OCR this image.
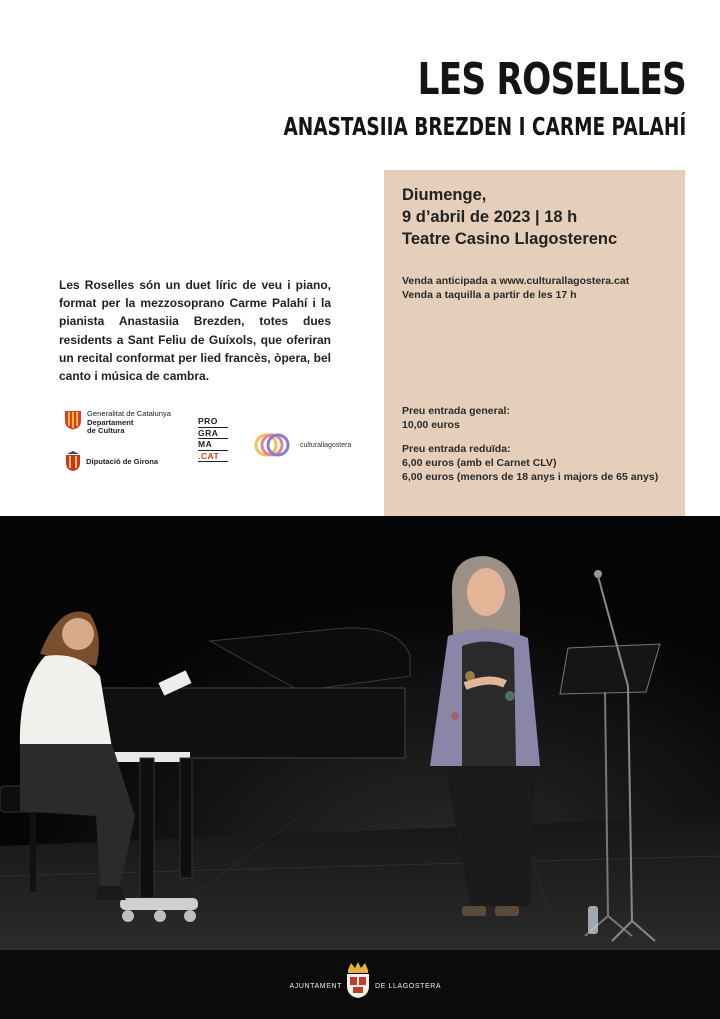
LES ROSELLES
ANASTASIIA BREZDEN I CARME PALAHÍ
Diumenge,
9 d’abril de 2023 | 18 h
Teatre Casino Llagosterenc
Venda anticipada a www.culturallagostera.cat
Venda a taquilla a partir de les 17 h
Preu entrada general:
10,00 euros
Preu entrada reduïda:
6,00 euros (amb el Carnet CLV)
6,00 euros (menors de 18 anys i majors de 65 anys)
Les Roselles són un duet líric de veu i piano, format per la mezzosoprano Carme Palahí i la pianista Anastasiia Brezden, totes dues residents a Sant Feliu de Guíxols, que oferiran un recital conformat per lied francès, òpera, bel canto i música de cambra.
Generalitat de Catalunya
Departament
de Cultura
Diputació de Girona
PRO
GRA
MA
.CAT
culturallagostera
AJUNTAMENT	DE LLAGOSTERA
